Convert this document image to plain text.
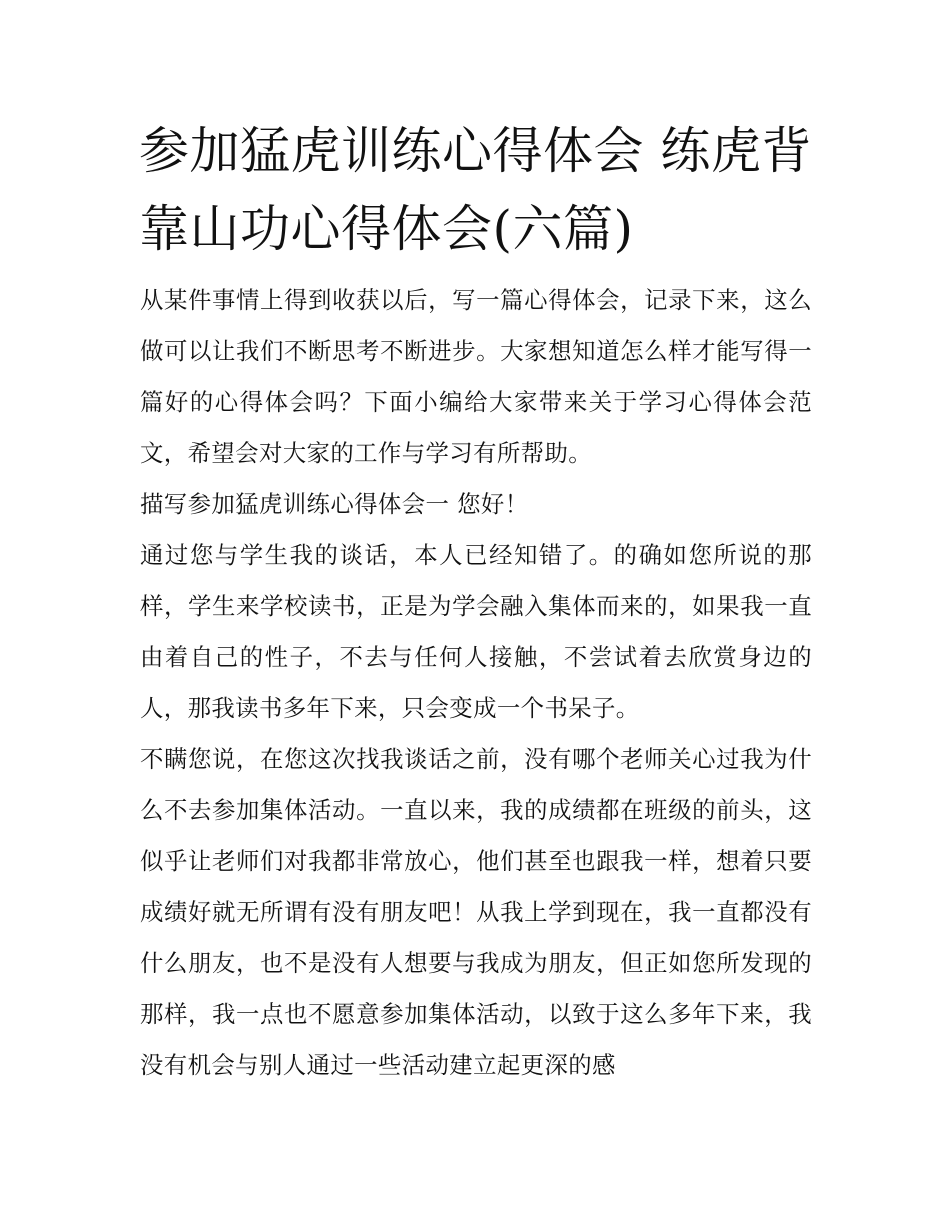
参加猛虎训练心得体会 练虎背靠山功心得体会(六篇)

从某件事情上得到收获以后，写一篇心得体会，记录下来，这么做可以让我们不断思考不断进步。大家想知道怎么样才能写得一篇好的心得体会吗？下面小编给大家带来关于学习心得体会范文，希望会对大家的工作与学习有所帮助。

描写参加猛虎训练心得体会一 您好！

通过您与学生我的谈话，本人已经知错了。的确如您所说的那样，学生来学校读书，正是为学会融入集体而来的，如果我一直由着自己的性子，不去与任何人接触，不尝试着去欣赏身边的人，那我读书多年下来，只会变成一个书呆子。

不瞒您说，在您这次找我谈话之前，没有哪个老师关心过我为什么不去参加集体活动。一直以来，我的成绩都在班级的前头，这似乎让老师们对我都非常放心，他们甚至也跟我一样，想着只要成绩好就无所谓有没有朋友吧！从我上学到现在，我一直都没有什么朋友，也不是没有人想要与我成为朋友，但正如您所发现的那样，我一点也不愿意参加集体活动，以致于这么多年下来，我没有机会与别人通过一些活动建立起更深的感
